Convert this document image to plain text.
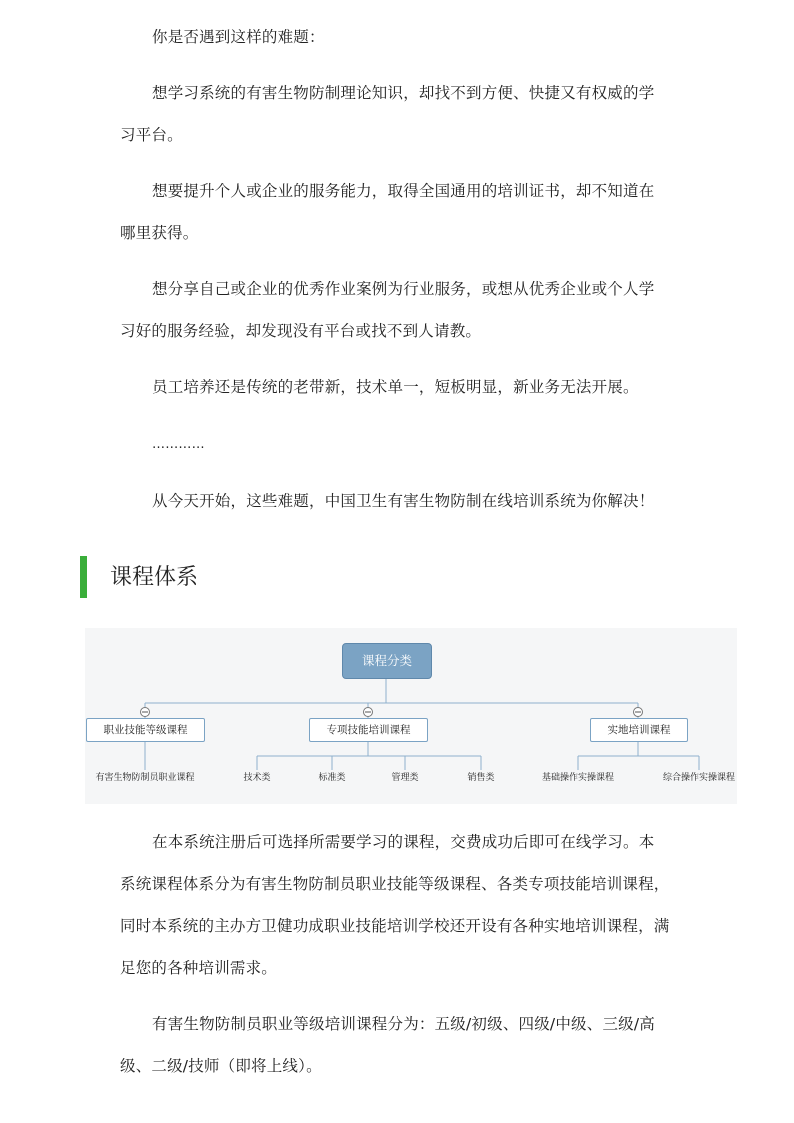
你是否遇到这样的难题：

想学习系统的有害生物防制理论知识，却找不到方便、快捷又有权威的学习平台。

想要提升个人或企业的服务能力，取得全国通用的培训证书，却不知道在哪里获得。

想分享自己或企业的优秀作业案例为行业服务，或想从优秀企业或个人学习好的服务经验，却发现没有平台或找不到人请教。

员工培养还是传统的老带新，技术单一，短板明显，新业务无法开展。

…………

从今天开始，这些难题，中国卫生有害生物防制在线培训系统为你解决！

课程体系
课程分类
职业技能等级课程	专项技能培训课程	实地培训课程
有害生物防制员职业课程	技术类	标准类	管理类	销售类	基础操作实操课程	综合操作实操课程

在本系统注册后可选择所需要学习的课程，交费成功后即可在线学习。本系统课程体系分为有害生物防制员职业技能等级课程、各类专项技能培训课程，同时本系统的主办方卫健功成职业技能培训学校还开设有各种实地培训课程，满足您的各种培训需求。

有害生物防制员职业等级培训课程分为：五级/初级、四级/中级、三级/高级、二级/技师（即将上线）。
